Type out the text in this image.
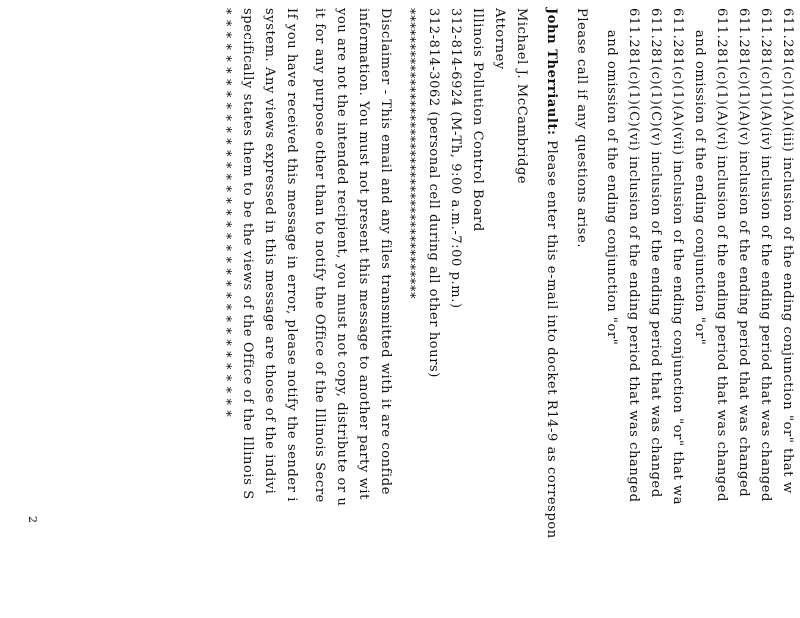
611.281(c)(1)(A)(iii) inclusion of the ending conjunction "or" that w
611.281(c)(1)(A)(iv) inclusion of the ending period that was changed
611.281(c)(1)(A)(v) inclusion of the ending period that was changed
611.281(c)(1)(A)(vi) inclusion of the ending period that was changed
and omission of the ending conjunction "or"
611.281(c)(1)(A)(vii) inclusion of the ending conjunction "or" that wa
611.281(c)(1)(C)(v) inclusion of the ending period that was changed
611.281(c)(1)(C)(vi) inclusion of the ending period that was changed
and omission of the ending conjunction "or"
Please call if any questions arise.
John Therriault: Please enter this e-mail into docket R14-9 as correspon
Michael J. McCambridge
Attorney
Illinois Pollution Control Board
312-814-6924 (M-Th, 9:00 a.m.-7:00 p.m.)
312-814-3062 (personal cell during all other hours)
*****************************************
Disclaimer - This email and any files transmitted with it are confide
information. You must not present this message to another party wit
you are not the intended recipient, you must not copy, distribute or u
it for any purpose other than to notify the Office of the Illinois Secre
If you have received this message in error, please notify the sender i
system. Any views expressed in this message are those of the indivi
specifically states them to be the views of the Office of the Illinois S
* * * * * * * * * * * * * * * * * * * * * * * * * * * * * * * * * * *
2
